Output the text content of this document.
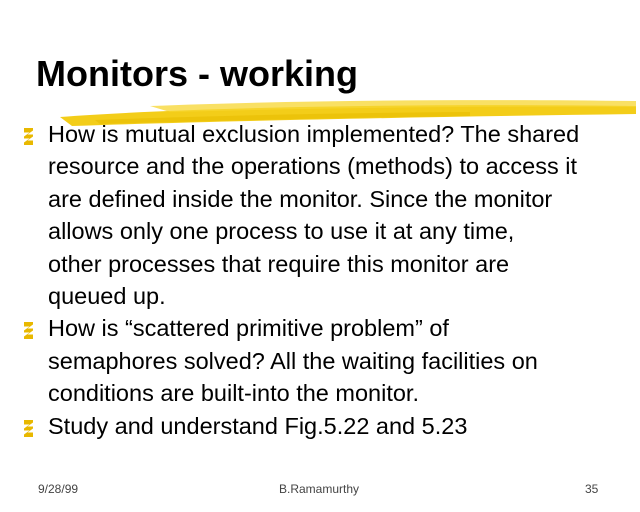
Monitors - working
How is mutual exclusion implemented? The shared
resource and the operations (methods) to access it
are defined inside the monitor. Since the monitor
allows only one process to use it at any time,
other processes that require this monitor are
queued up.
How is “scattered primitive problem” of
semaphores solved? All the waiting facilities on
conditions are built-into the monitor.
Study and understand Fig.5.22 and 5.23
9/28/99	B.Ramamurthy	35
